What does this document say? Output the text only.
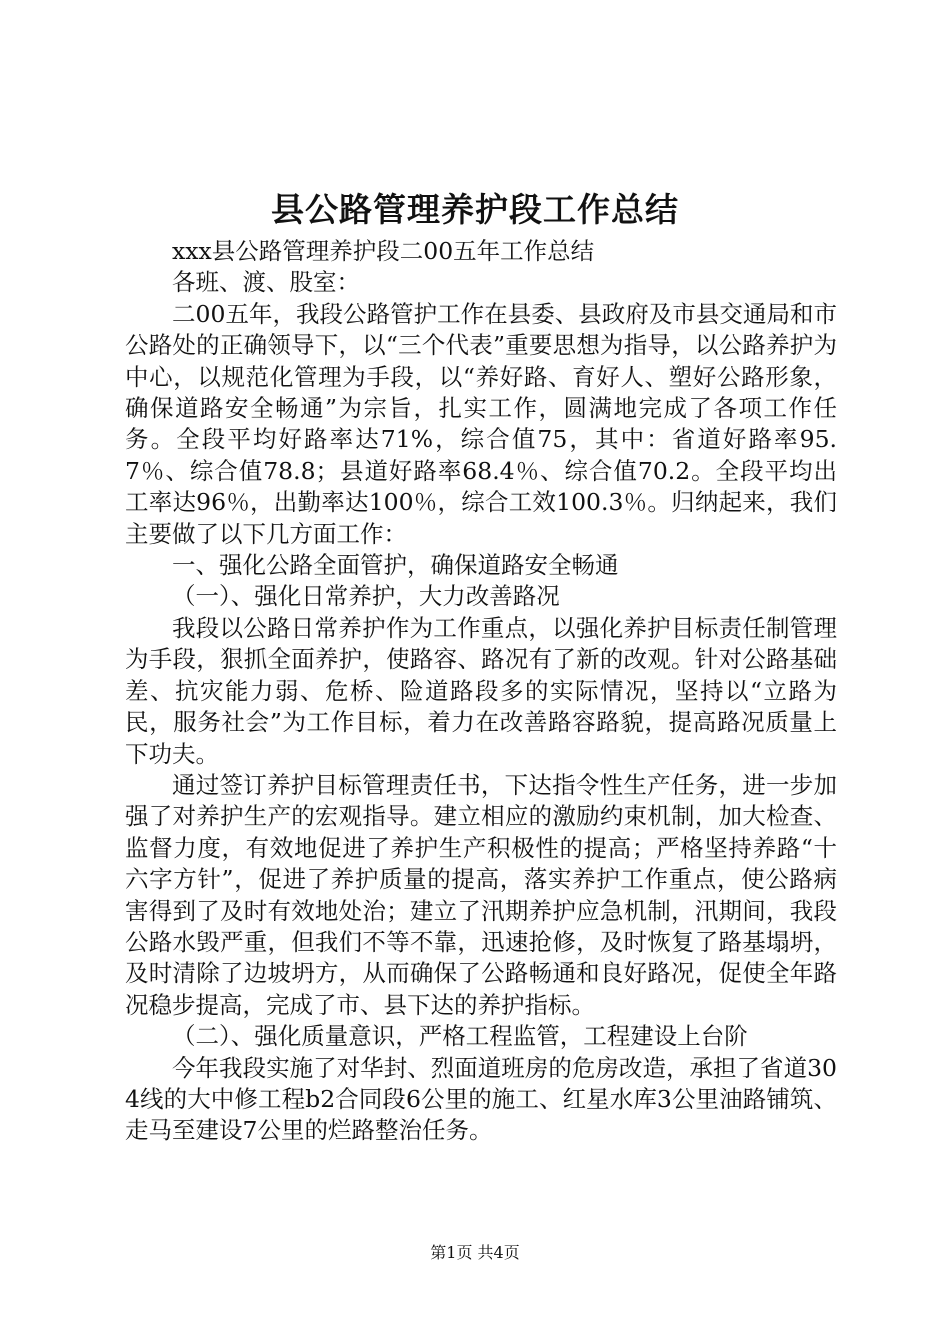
县公路管理养护段工作总结

xxx县公路管理养护段二00五年工作总结

各班、渡、股室：

二00五年，我段公路管护工作在县委、县政府及市县交通局和市公路处的正确领导下，以“三个代表”重要思想为指导，以公路养护为中心，以规范化管理为手段，以“养好路、育好人、塑好公路形象，确保道路安全畅通”为宗旨，扎实工作，圆满地完成了各项工作任务。全段平均好路率达71%，综合值75，其中：省道好路率95.7％、综合值78.8；县道好路率68.4％、综合值70.2。全段平均出工率达96％，出勤率达100％，综合工效100.3％。归纳起来，我们主要做了以下几方面工作：

一、强化公路全面管护，确保道路安全畅通

（一）、强化日常养护，大力改善路况

我段以公路日常养护作为工作重点，以强化养护目标责任制管理为手段，狠抓全面养护，使路容、路况有了新的改观。针对公路基础差、抗灾能力弱、危桥、险道路段多的实际情况，坚持以“立路为民，服务社会”为工作目标，着力在改善路容路貌，提高路况质量上下功夫。

通过签订养护目标管理责任书，下达指令性生产任务，进一步加强了对养护生产的宏观指导。建立相应的激励约束机制，加大检查、监督力度，有效地促进了养护生产积极性的提高；严格坚持养路“十六字方针”，促进了养护质量的提高，落实养护工作重点，使公路病害得到了及时有效地处治；建立了汛期养护应急机制，汛期间，我段公路水毁严重，但我们不等不靠，迅速抢修，及时恢复了路基塌坍，及时清除了边坡坍方，从而确保了公路畅通和良好路况，促使全年路况稳步提高，完成了市、县下达的养护指标。

（二）、强化质量意识，严格工程监管，工程建设上台阶

今年我段实施了对华封、烈面道班房的危房改造，承担了省道304线的大中修工程b2合同段6公里的施工、红星水库3公里油路铺筑、走马至建设7公里的烂路整治任务。

第1页 共4页
